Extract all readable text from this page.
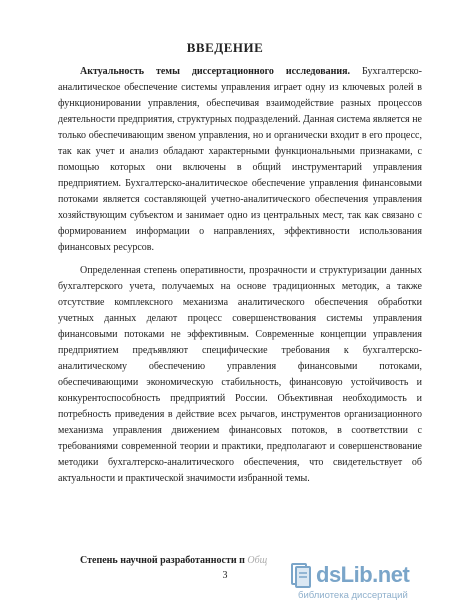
ВВЕДЕНИЕ

Актуальность темы диссертационного исследования. Бухгалтерско-аналитическое обеспечение системы управления играет одну из ключевых ролей в функционировании управления, обеспечивая взаимодействие разных процессов деятельности предприятия, структурных подразделений. Данная система является не только обеспечивающим звеном управления, но и органически входит в его процесс, так как учет и анализ обладают характерными функциональными признаками, с помощью которых они включены в общий инструментарий управления предприятием. Бухгалтерско-аналитическое обеспечение управления финансовыми потоками является составляющей учетно-аналитического обеспечения управления хозяйствующим субъектом и занимает одно из центральных мест, так как связано с формированием информации о направлениях, эффективности использования финансовых ресурсов.

Определенная степень оперативности, прозрачности и структуризации данных бухгалтерского учета, получаемых на основе традиционных методик, а также отсутствие комплексного механизма аналитического обеспечения обработки учетных данных делают процесс совершенствования системы управления финансовыми потоками не эффективным. Современные концепции управления предприятием предъявляют специфические требования к бухгалтерско-аналитическому обеспечению управления финансовыми потоками, обеспечивающими экономическую стабильность, финансовую устойчивость и конкурентоспособность предприятий России. Объективная необходимость и потребность приведения в действие всех рычагов, инструментов организационного механизма управления движением финансовых потоков, в соответствии с требованиями современной теории и практики, предполагают и совершенствование методики бухгалтерско-аналитического обеспечения, что свидетельствует об актуальности и практической значимости избранной темы.

Степень научной разработанности п Общ
3	dsLib.net
библиотека диссертаций
